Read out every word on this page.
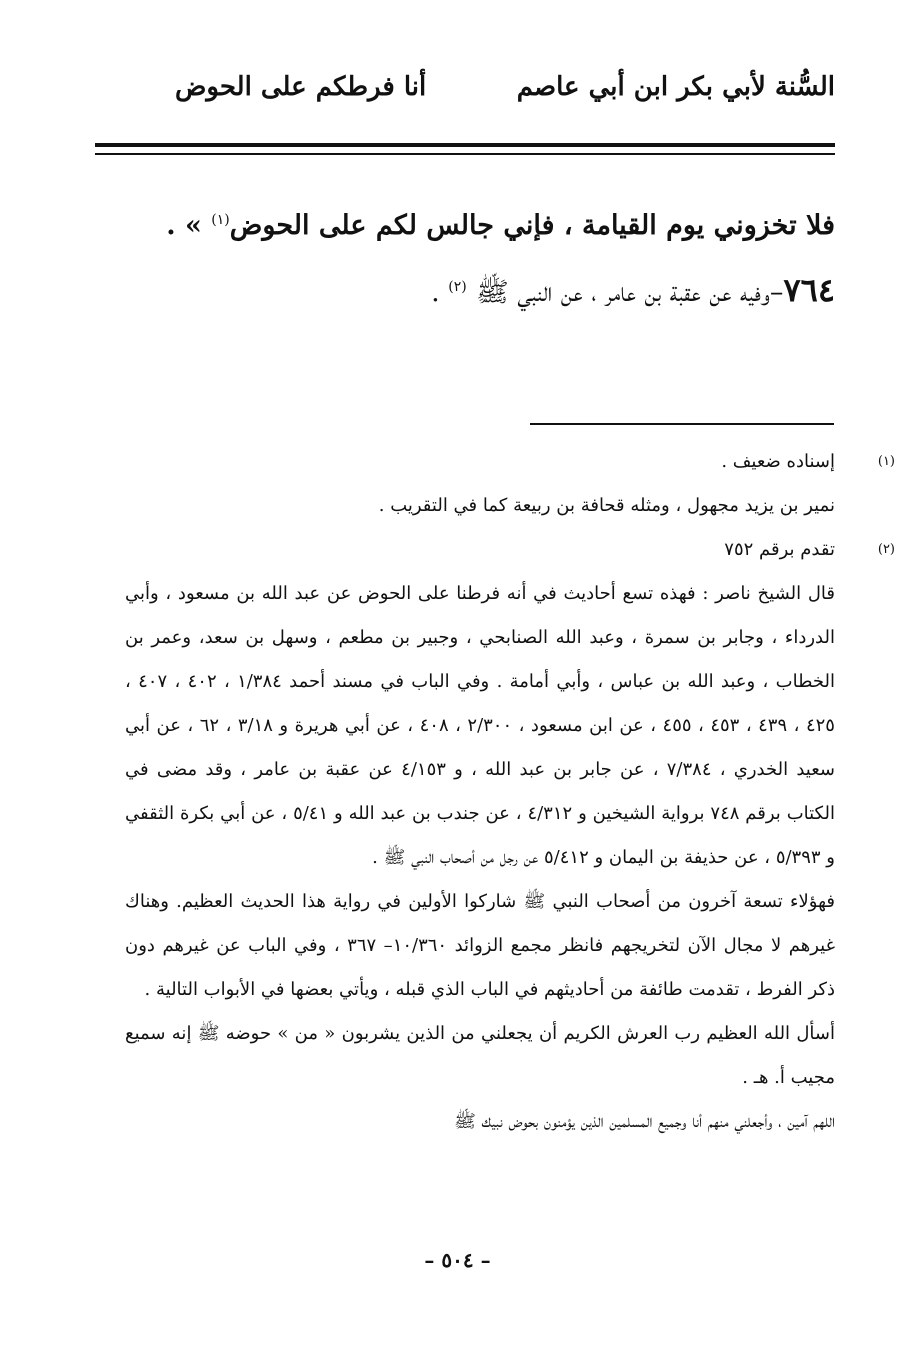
السُّنة لأبي بكر ابن أبي عاصم
أنا فرطكم على الحوض
فلا تخزوني يوم القيامة ، فإني جالس لكم على الحوض$^{(١)}$ » .
٧٦٤–وفيه عن عقبة بن عامر ، عن النبي ﷺ $^{(٢)}$ .
(١)
إسناده ضعيف .
نمير بن يزيد مجهول ، ومثله قحافة بن ربيعة كما في التقريب .
(٢)
تقدم برقم ٧٥٢
قال الشيخ ناصر : فهذه تسع أحاديث في أنه فرطنا على الحوض عن عبد الله بن مسعود ، وأبي الدرداء ، وجابر بن سمرة ، وعبد الله الصنابحي ، وجبير بن مطعم ، وسهل بن سعد، وعمر بن الخطاب ، وعبد الله بن عباس ، وأبي أمامة . وفي الباب في مسند أحمد ١/٣٨٤ ، ٤٠٢ ، ٤٠٧ ، ٤٢٥ ، ٤٣٩ ، ٤٥٣ ، ٤٥٥ ، عن ابن مسعود ، ٢/٣٠٠ ، ٤٠٨ ، عن أبي هريرة و ٣/١٨ ، ٦٢ ، عن أبي سعيد الخدري ، ٧/٣٨٤ ، عن جابر بن عبد الله ، و ٤/١٥٣ عن عقبة بن عامر ، وقد مضى في الكتاب برقم ٧٤٨ برواية الشيخين و ٤/٣١٢ ، عن جندب بن عبد الله و ٥/٤١ ، عن أبي بكرة الثقفي و ٥/٣٩٣ ، عن حذيفة بن اليمان و ٥/٤١٢ عن رجل من أصحاب النبي ﷺ .
فهؤلاء تسعة آخرون من أصحاب النبي ﷺ شاركوا الأولين في رواية هذا الحديث العظيم. وهناك غيرهم لا مجال الآن لتخريجهم فانظر مجمع الزوائد ١٠/٣٦٠– ٣٦٧ ، وفي الباب عن غيرهم دون ذكر الفرط ، تقدمت طائفة من أحاديثهم في الباب الذي قبله ، ويأتي بعضها في الأبواب التالية .
أسأل الله العظيم رب العرش الكريم أن يجعلني من الذين يشربون « من » حوضه ﷺ إنه سميع مجيب أ. هـ .
اللهم آمين ، وأجعلني منهم أنا وجميع المسلمين الذين يؤمنون بحوض نبيك ﷺ
– ٥٠٤ –
